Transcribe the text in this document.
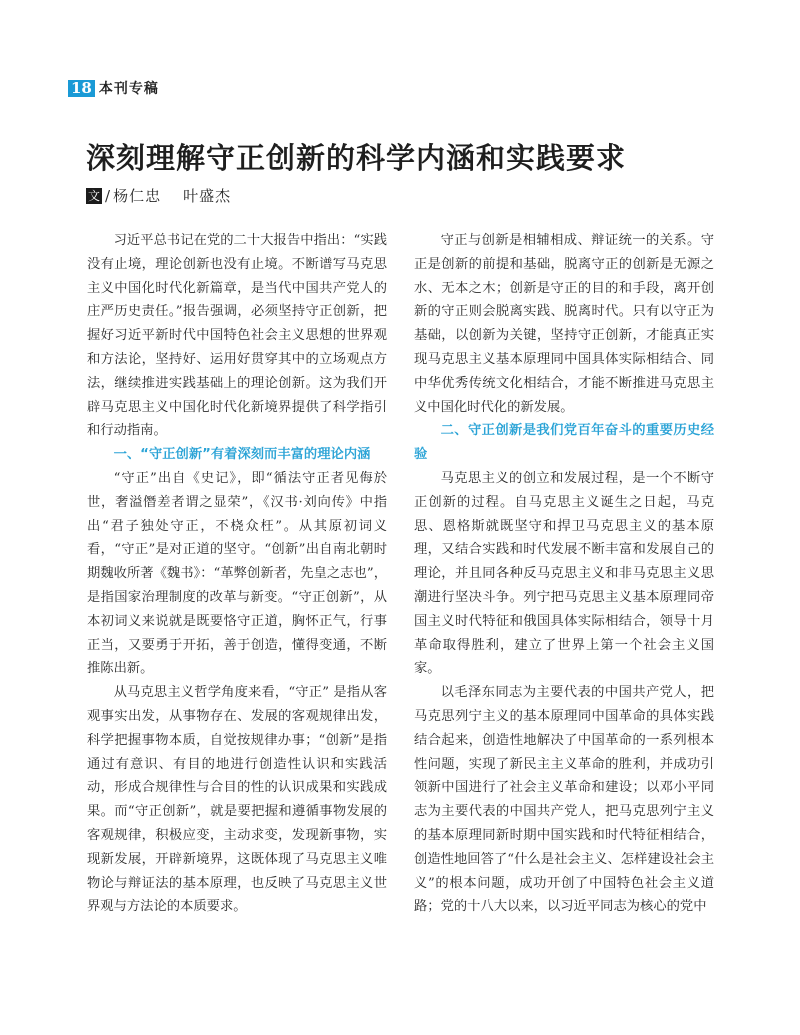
18 本刊专稿
深刻理解守正创新的科学内涵和实践要求
文 / 杨仁忠 叶盛杰

习近平总书记在党的二十大报告中指出：“实践没有止境，理论创新也没有止境。不断谱写马克思主义中国化时代化新篇章，是当代中国共产党人的庄严历史责任。”报告强调，必须坚持守正创新，把握好习近平新时代中国特色社会主义思想的世界观和方法论，坚持好、运用好贯穿其中的立场观点方法，继续推进实践基础上的理论创新。这为我们开辟马克思主义中国化时代化新境界提供了科学指引和行动指南。

一、“守正创新”有着深刻而丰富的理论内涵

“守正”出自《史记》，即“循法守正者见侮於世，奢溢僭差者谓之显荣”，《汉书·刘向传》中指出“君子独处守正，不桡众枉”。从其原初词义看，“守正”是对正道的坚守。“创新”出自南北朝时期魏收所著《魏书》：“革弊创新者，先皇之志也”，是指国家治理制度的改革与新变。“守正创新”，从本初词义来说就是既要恪守正道，胸怀正气，行事正当，又要勇于开拓，善于创造，懂得变通，不断推陈出新。

从马克思主义哲学角度来看，“守正” 是指从客观事实出发，从事物存在、发展的客观规律出发，科学把握事物本质，自觉按规律办事；“创新”是指通过有意识、有目的地进行创造性认识和实践活动，形成合规律性与合目的性的认识成果和实践成果。而“守正创新”，就是要把握和遵循事物发展的客观规律，积极应变，主动求变，发现新事物，实现新发展，开辟新境界，这既体现了马克思主义唯物论与辩证法的基本原理，也反映了马克思主义世界观与方法论的本质要求。

守正与创新是相辅相成、辩证统一的关系。守正是创新的前提和基础，脱离守正的创新是无源之水、无本之木；创新是守正的目的和手段，离开创新的守正则会脱离实践、脱离时代。只有以守正为基础，以创新为关键，坚持守正创新，才能真正实现马克思主义基本原理同中国具体实际相结合、同中华优秀传统文化相结合，才能不断推进马克思主义中国化时代化的新发展。

二、守正创新是我们党百年奋斗的重要历史经验

马克思主义的创立和发展过程，是一个不断守正创新的过程。自马克思主义诞生之日起，马克思、恩格斯就既坚守和捍卫马克思主义的基本原理，又结合实践和时代发展不断丰富和发展自己的理论，并且同各种反马克思主义和非马克思主义思潮进行坚决斗争。列宁把马克思主义基本原理同帝国主义时代特征和俄国具体实际相结合，领导十月革命取得胜利，建立了世界上第一个社会主义国家。

以毛泽东同志为主要代表的中国共产党人，把马克思列宁主义的基本原理同中国革命的具体实践结合起来，创造性地解决了中国革命的一系列根本性问题，实现了新民主主义革命的胜利，并成功引领新中国进行了社会主义革命和建设；以邓小平同志为主要代表的中国共产党人，把马克思列宁主义的基本原理同新时期中国实践和时代特征相结合，创造性地回答了“什么是社会主义、怎样建设社会主义”的根本问题，成功开创了中国特色社会主义道路；党的十八大以来，以习近平同志为核心的党中
